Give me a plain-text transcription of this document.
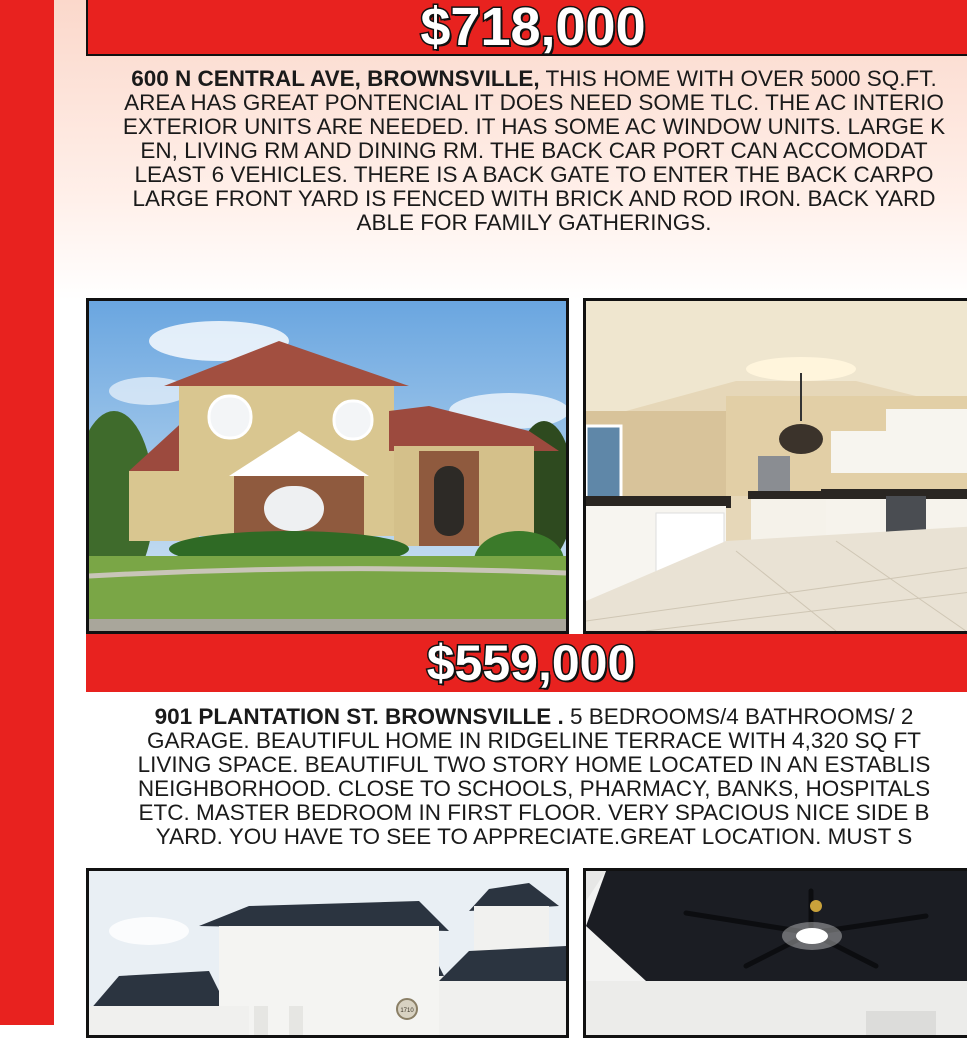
$718,000
600 N CENTRAL AVE, BROWNSVILLE, THIS HOME WITH OVER 5000 SQ.FT.
AREA HAS GREAT PONTENCIAL IT DOES NEED SOME TLC. THE AC INTERIO
EXTERIOR UNITS ARE NEEDED. IT HAS SOME AC WINDOW UNITS. LARGE K
EN, LIVING RM AND DINING RM. THE BACK CAR PORT CAN ACCOMODAT
LEAST 6 VEHICLES. THERE IS A BACK GATE TO ENTER THE BACK CARPO
LARGE FRONT YARD IS FENCED WITH BRICK AND ROD IRON. BACK YARD
ABLE FOR FAMILY GATHERINGS.
$559,000
901 PLANTATION ST. BROWNSVILLE . 5 BEDROOMS/4 BATHROOMS/ 2
GARAGE. BEAUTIFUL HOME IN RIDGELINE TERRACE WITH 4,320 SQ FT
LIVING SPACE. BEAUTIFUL TWO STORY HOME LOCATED IN AN ESTABLIS
NEIGHBORHOOD. CLOSE TO SCHOOLS, PHARMACY, BANKS, HOSPITALS
ETC. MASTER BEDROOM IN FIRST FLOOR. VERY SPACIOUS NICE SIDE B
YARD. YOU HAVE TO SEE TO APPRECIATE.GREAT LOCATION. MUST S
1710
